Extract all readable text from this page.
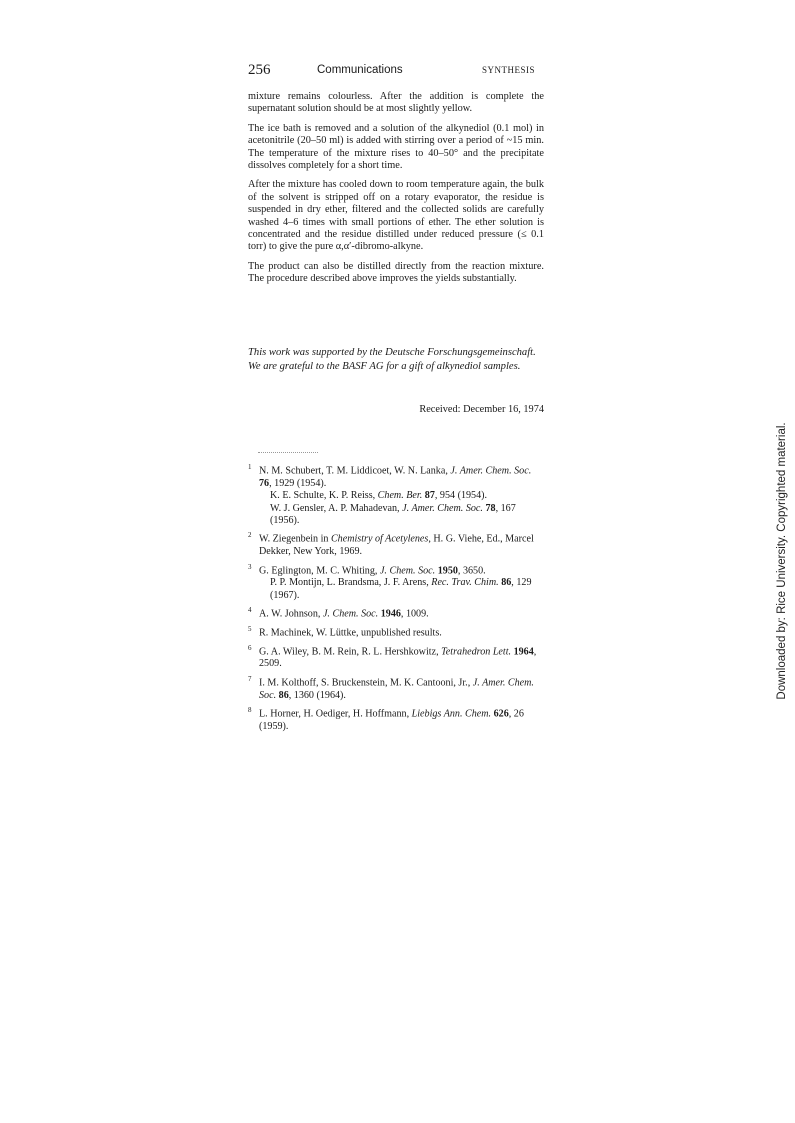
256	Communications	SYNTHESIS

mixture remains colourless. After the addition is complete the supernatant solution should be at most slightly yellow.

The ice bath is removed and a solution of the alkynediol (0.1 mol) in acetonitrile (20–50 ml) is added with stirring over a period of ~15 min. The temperature of the mixture rises to 40–50° and the precipitate dissolves completely for a short time.

After the mixture has cooled down to room temperature again, the bulk of the solvent is stripped off on a rotary evaporator, the residue is suspended in dry ether, filtered and the collected solids are carefully washed 4–6 times with small portions of ether. The ether solution is concentrated and the residue distilled under reduced pressure (≤ 0.1 torr) to give the pure α,α′-dibromo-alkyne.

The product can also be distilled directly from the reaction mixture. The procedure described above improves the yields substantially.

This work was supported by the Deutsche Forschungsgemeinschaft. We are grateful to the BASF AG for a gift of alkynediol samples.

Received: December 16, 1974
$^1$ N. M. Schubert, T. M. Liddicoet, W. N. Lanka, J. Amer. Chem. Soc. 76, 1929 (1954).
K. E. Schulte, K. P. Reiss, Chem. Ber. 87, 954 (1954).
W. J. Gensler, A. P. Mahadevan, J. Amer. Chem. Soc. 78, 167 (1956).
$^2$ W. Ziegenbein in Chemistry of Acetylenes, H. G. Viehe, Ed., Marcel Dekker, New York, 1969.
$^3$ G. Eglington, M. C. Whiting, J. Chem. Soc. 1950, 3650.
P. P. Montijn, L. Brandsma, J. F. Arens, Rec. Trav. Chim. 86, 129 (1967).
$^4$ A. W. Johnson, J. Chem. Soc. 1946, 1009.
$^5$ R. Machinek, W. Lüttke, unpublished results.
$^6$ G. A. Wiley, B. M. Rein, R. L. Hershkowitz, Tetrahedron Lett. 1964, 2509.
$^7$ I. M. Kolthoff, S. Bruckenstein, M. K. Cantooni, Jr., J. Amer. Chem. Soc. 86, 1360 (1964).
$^8$ L. Horner, H. Oediger, H. Hoffmann, Liebigs Ann. Chem. 626, 26 (1959).
Downloaded by: Rice University. Copyrighted material.
